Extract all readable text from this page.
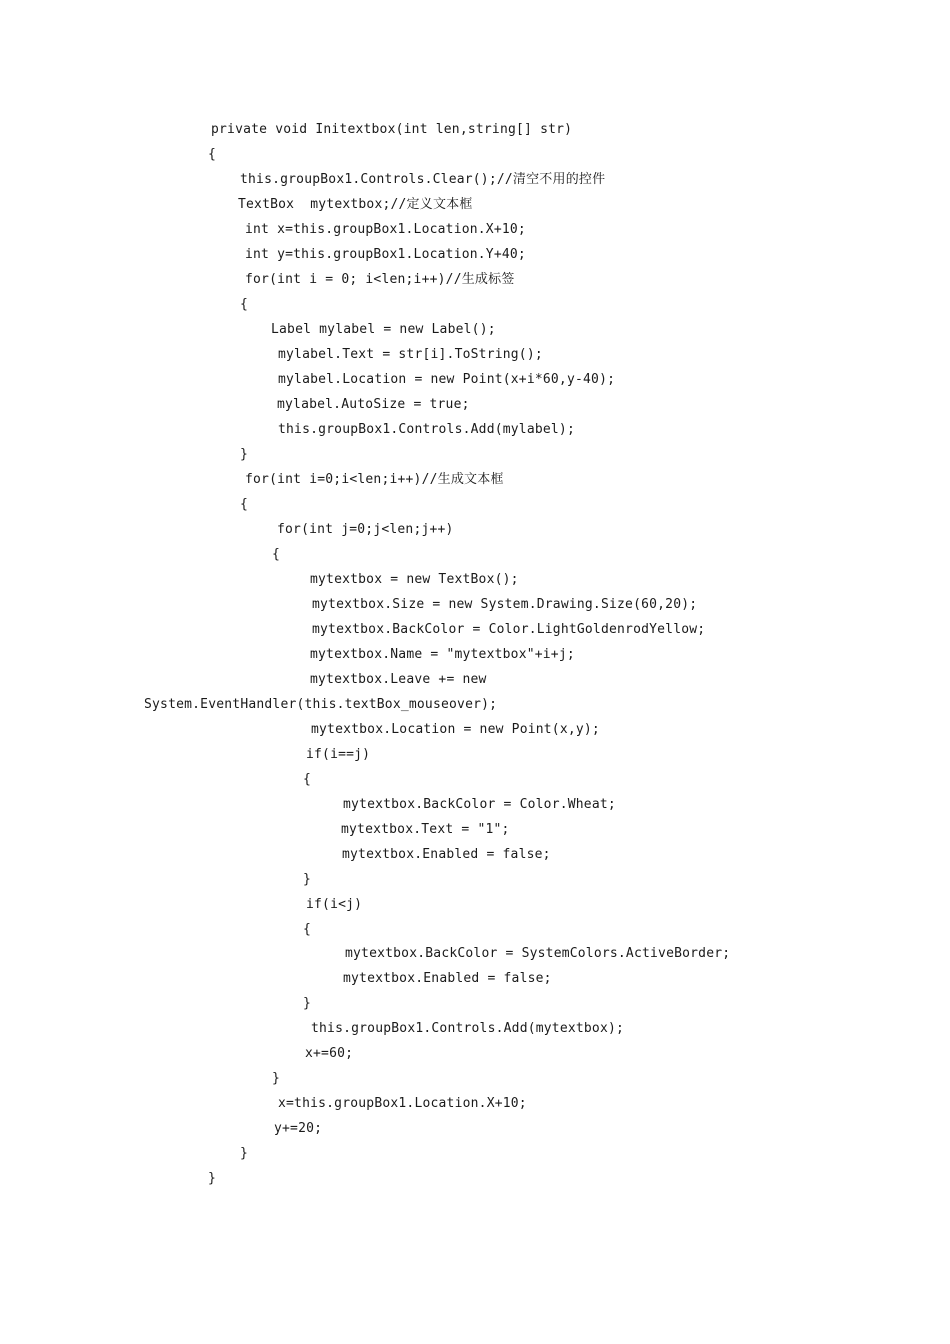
private void Initextbox(int len,string[] str)
{
this.groupBox1.Controls.Clear();//清空不用的控件
TextBox  mytextbox;//定义文本框
int x=this.groupBox1.Location.X+10;
int y=this.groupBox1.Location.Y+40;
for(int i = 0; i<len;i++)//生成标签
{
Label mylabel = new Label();
mylabel.Text = str[i].ToString();
mylabel.Location = new Point(x+i*60,y-40);
mylabel.AutoSize = true;
this.groupBox1.Controls.Add(mylabel);
}
for(int i=0;i<len;i++)//生成文本框
{
for(int j=0;j<len;j++)
{
mytextbox = new TextBox();
mytextbox.Size = new System.Drawing.Size(60,20);
mytextbox.BackColor = Color.LightGoldenrodYellow;
mytextbox.Name = "mytextbox"+i+j;
mytextbox.Leave += new
System.EventHandler(this.textBox_mouseover);
mytextbox.Location = new Point(x,y);
if(i==j)
{
mytextbox.BackColor = Color.Wheat;
mytextbox.Text = "1";
mytextbox.Enabled = false;
}
if(i<j)
{
mytextbox.BackColor = SystemColors.ActiveBorder;
mytextbox.Enabled = false;
}
this.groupBox1.Controls.Add(mytextbox);
x+=60;
}
x=this.groupBox1.Location.X+10;
y+=20;
}
}
